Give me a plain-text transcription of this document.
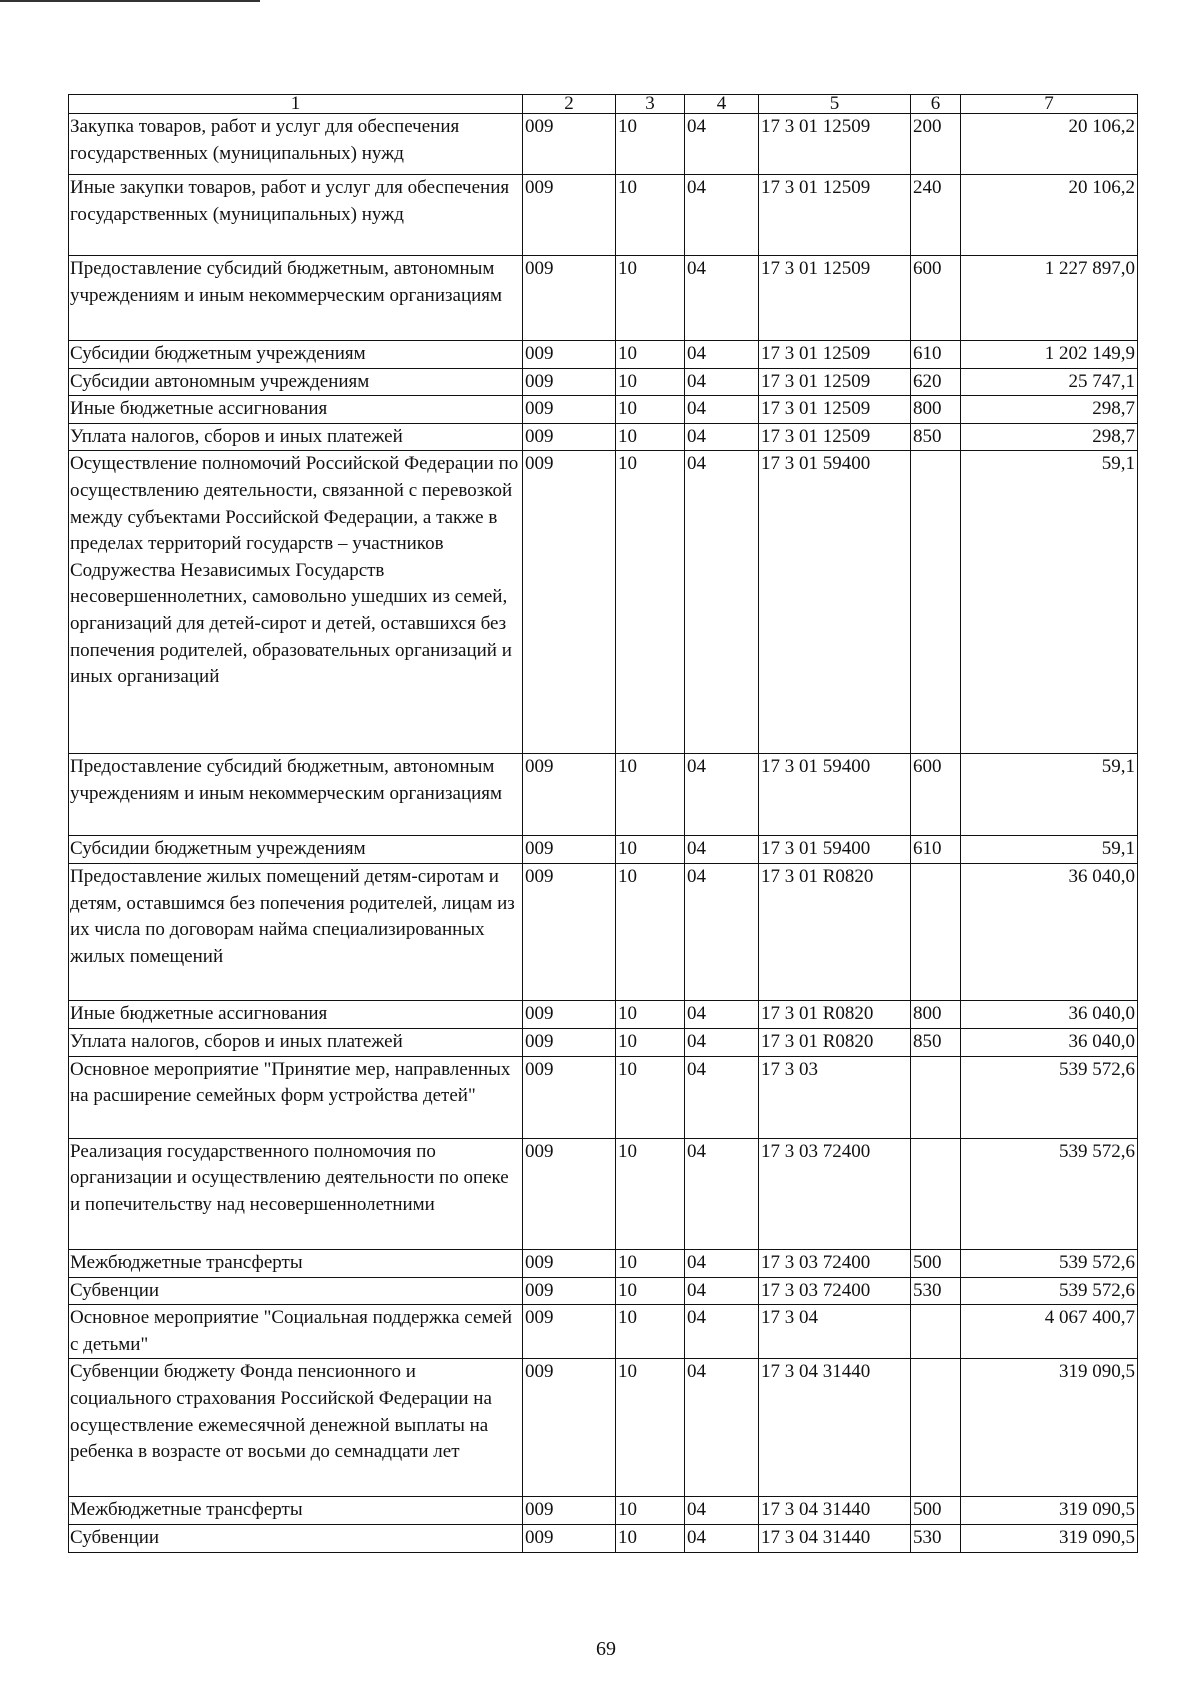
1	2	3	4	5	6	7
Закупка товаров, работ и услуг для обеспечения государственных (муниципальных) нужд	009	10	04	17 3 01 12509	200	20 106,2
Иные закупки товаров, работ и услуг для обеспечения государственных (муниципальных) нужд	009	10	04	17 3 01 12509	240	20 106,2
Предоставление субсидий бюджетным, автономным учреждениям и иным некоммерческим организациям	009	10	04	17 3 01 12509	600	1 227 897,0
Субсидии бюджетным учреждениям	009	10	04	17 3 01 12509	610	1 202 149,9
Субсидии автономным учреждениям	009	10	04	17 3 01 12509	620	25 747,1
Иные бюджетные ассигнования	009	10	04	17 3 01 12509	800	298,7
Уплата налогов, сборов и иных платежей	009	10	04	17 3 01 12509	850	298,7
Осуществление полномочий Российской Федерации по осуществлению деятельности, связанной с перевозкой между субъектами Российской Федерации, а также в пределах территорий государств – участников Содружества Независимых Государств несовершеннолетних, самовольно ушедших из семей, организаций для детей-сирот и детей, оставшихся без попечения родителей, образовательных организаций и иных организаций	009	10	04	17 3 01 59400		59,1
Предоставление субсидий бюджетным, автономным учреждениям и иным некоммерческим организациям	009	10	04	17 3 01 59400	600	59,1
Субсидии бюджетным учреждениям	009	10	04	17 3 01 59400	610	59,1
Предоставление жилых помещений детям-сиротам и детям, оставшимся без попечения родителей, лицам из их числа по договорам найма специализированных жилых помещений	009	10	04	17 3 01 R0820		36 040,0
Иные бюджетные ассигнования	009	10	04	17 3 01 R0820	800	36 040,0
Уплата налогов, сборов и иных платежей	009	10	04	17 3 01 R0820	850	36 040,0
Основное мероприятие "Принятие мер, направленных на расширение семейных форм устройства детей"	009	10	04	17 3 03		539 572,6
Реализация государственного полномочия по организации и осуществлению деятельности по опеке и попечительству над несовершеннолетними	009	10	04	17 3 03 72400		539 572,6
Межбюджетные трансферты	009	10	04	17 3 03 72400	500	539 572,6
Субвенции	009	10	04	17 3 03 72400	530	539 572,6
Основное мероприятие "Социальная поддержка семей с детьми"	009	10	04	17 3 04		4 067 400,7
Субвенции бюджету Фонда пенсионного и социального страхования Российской Федерации на осуществление ежемесячной денежной выплаты на ребенка в возрасте от восьми до семнадцати лет	009	10	04	17 3 04 31440		319 090,5
Межбюджетные трансферты	009	10	04	17 3 04 31440	500	319 090,5
Субвенции	009	10	04	17 3 04 31440	530	319 090,5
69
